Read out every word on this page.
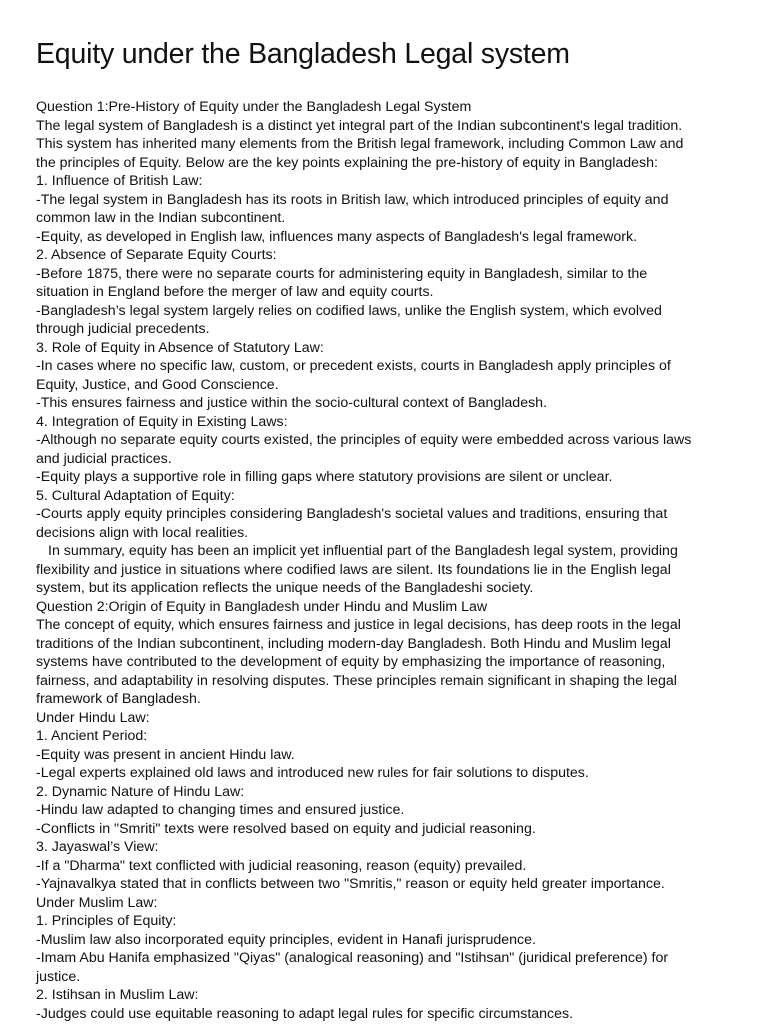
Equity under the Bangladesh Legal system
Question 1:Pre-History of Equity under the Bangladesh Legal System
The legal system of Bangladesh is a distinct yet integral part of the Indian subcontinent's legal tradition.
This system has inherited many elements from the British legal framework, including Common Law and
the principles of Equity. Below are the key points explaining the pre-history of equity in Bangladesh:
1. Influence of British Law:
-The legal system in Bangladesh has its roots in British law, which introduced principles of equity and
common law in the Indian subcontinent.
-Equity, as developed in English law, influences many aspects of Bangladesh's legal framework.
2. Absence of Separate Equity Courts:
-Before 1875, there were no separate courts for administering equity in Bangladesh, similar to the
situation in England before the merger of law and equity courts.
-Bangladesh’s legal system largely relies on codified laws, unlike the English system, which evolved
through judicial precedents.
3. Role of Equity in Absence of Statutory Law:
-In cases where no specific law, custom, or precedent exists, courts in Bangladesh apply principles of
Equity, Justice, and Good Conscience.
-This ensures fairness and justice within the socio-cultural context of Bangladesh.
4. Integration of Equity in Existing Laws:
-Although no separate equity courts existed, the principles of equity were embedded across various laws
and judicial practices.
-Equity plays a supportive role in filling gaps where statutory provisions are silent or unclear.
5. Cultural Adaptation of Equity:
-Courts apply equity principles considering Bangladesh's societal values and traditions, ensuring that
decisions align with local realities.
In summary, equity has been an implicit yet influential part of the Bangladesh legal system, providing
flexibility and justice in situations where codified laws are silent. Its foundations lie in the English legal
system, but its application reflects the unique needs of the Bangladeshi society.
Question 2:Origin of Equity in Bangladesh under Hindu and Muslim Law
The concept of equity, which ensures fairness and justice in legal decisions, has deep roots in the legal
traditions of the Indian subcontinent, including modern-day Bangladesh. Both Hindu and Muslim legal
systems have contributed to the development of equity by emphasizing the importance of reasoning,
fairness, and adaptability in resolving disputes. These principles remain significant in shaping the legal
framework of Bangladesh.
Under Hindu Law:
1. Ancient Period:
-Equity was present in ancient Hindu law.
-Legal experts explained old laws and introduced new rules for fair solutions to disputes.
2. Dynamic Nature of Hindu Law:
-Hindu law adapted to changing times and ensured justice.
-Conflicts in "Smriti" texts were resolved based on equity and judicial reasoning.
3. Jayaswal’s View:
-If a "Dharma" text conflicted with judicial reasoning, reason (equity) prevailed.
-Yajnavalkya stated that in conflicts between two "Smritis," reason or equity held greater importance.
Under Muslim Law:
1. Principles of Equity:
-Muslim law also incorporated equity principles, evident in Hanafi jurisprudence.
-Imam Abu Hanifa emphasized "Qiyas" (analogical reasoning) and "Istihsan" (juridical preference) for
justice.
2. Istihsan in Muslim Law:
-Judges could use equitable reasoning to adapt legal rules for specific circumstances.
